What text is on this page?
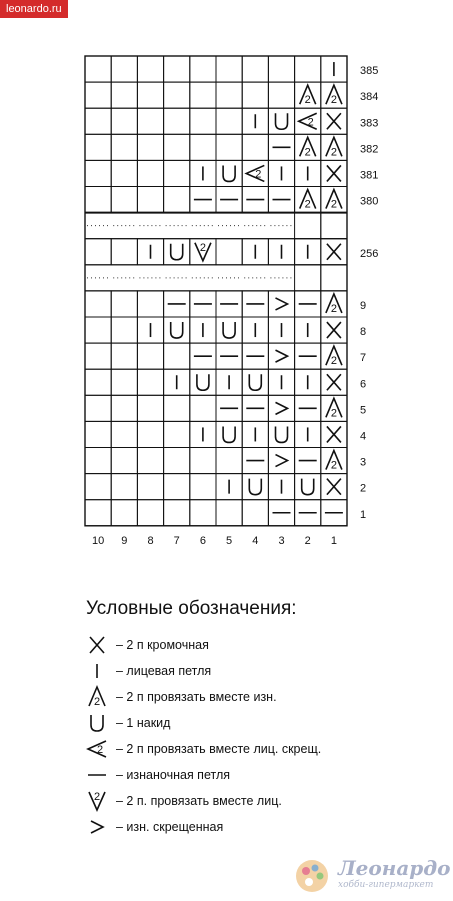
leonardo.ru
2 2
2
2 2
2
2 2
2
2
2
2
2
385
384
383
382
381
380
256
9
8
7
6
5
4
3
2
1
10 9 8 7 6 5 4 3 2 1
Условные обозначения:
– 2 п кромочная
– лицевая петля
2 – 2 п провязать вместе изн.
– 1 накид
2 – 2 п провязать вместе лиц. скрещ.
– изнаночная петля
2 – 2 п. провязать вместе лиц.
– изн. скрещенная
Леонардо
хобби-гипермаркет
